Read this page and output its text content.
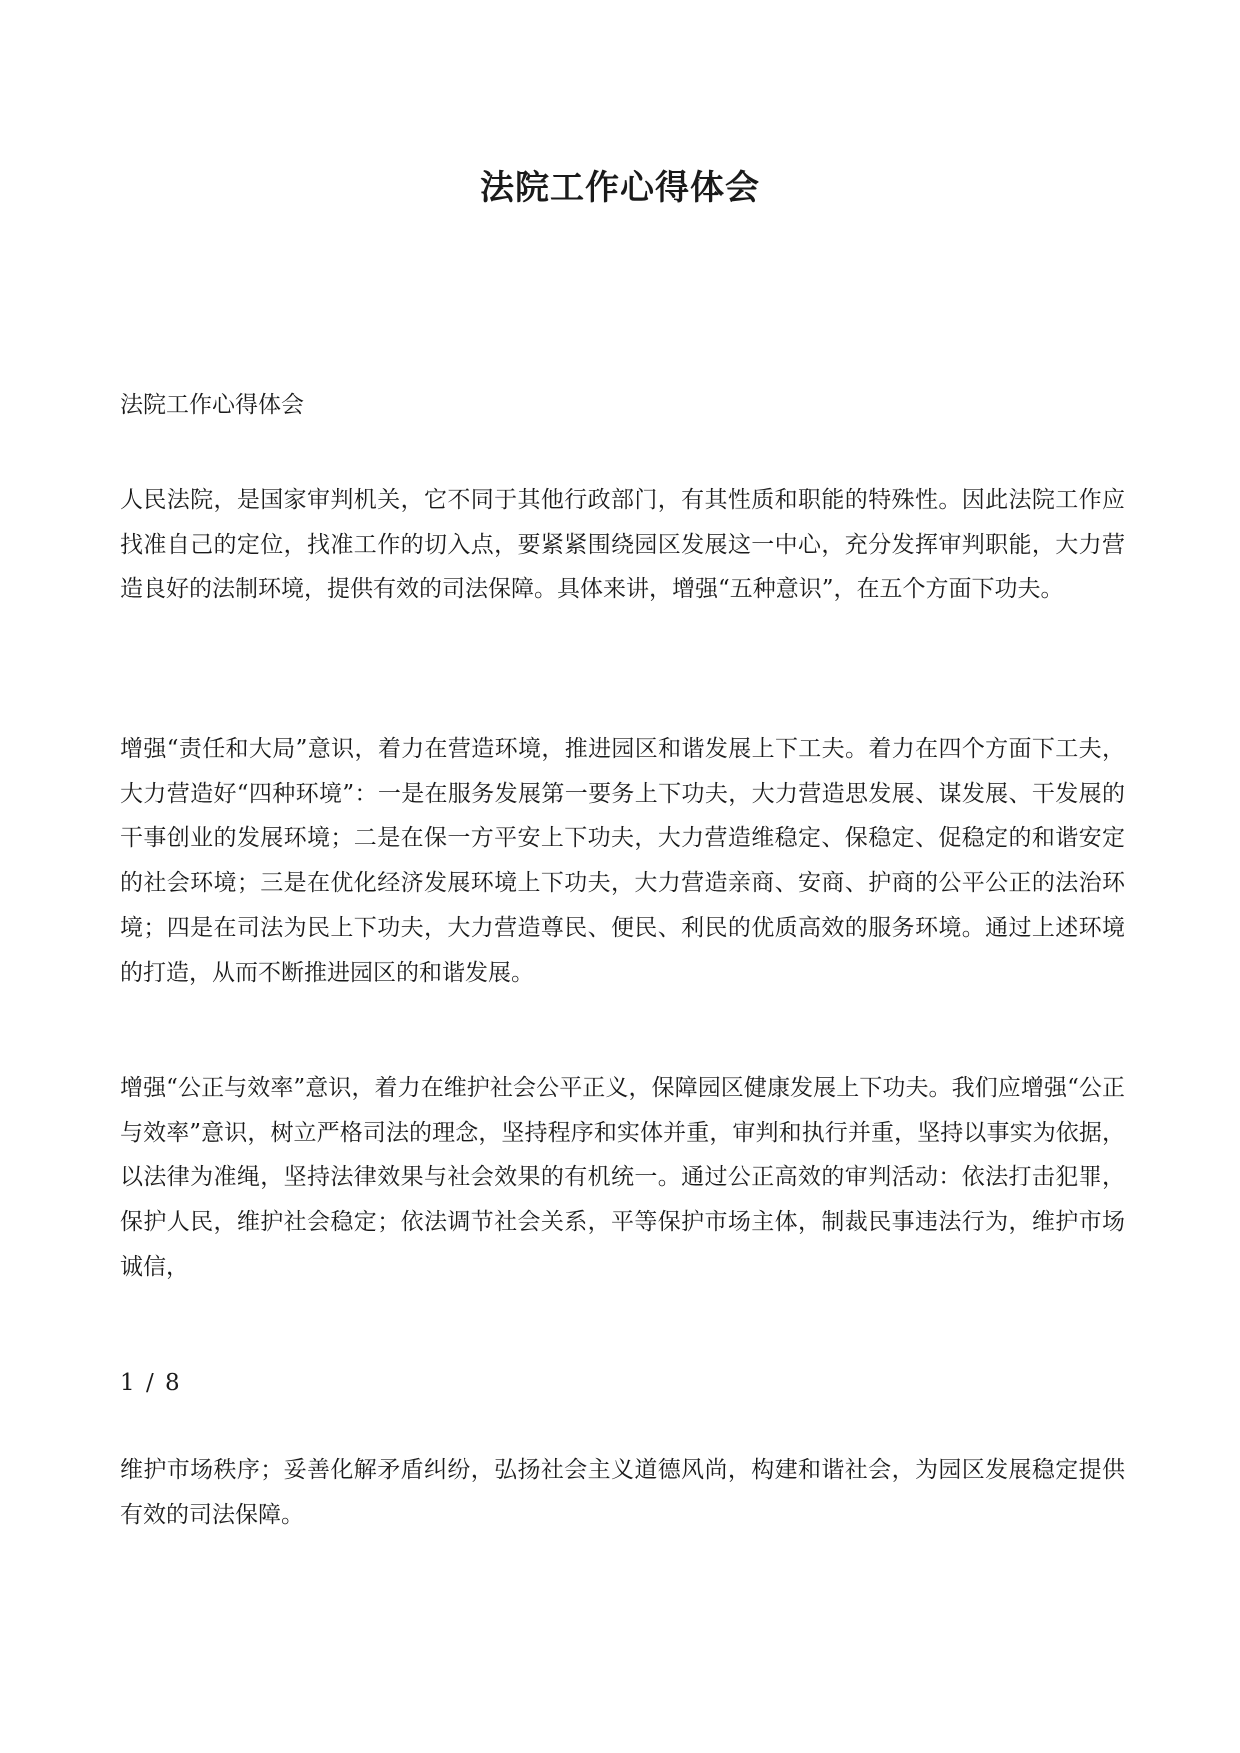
法院工作心得体会

法院工作心得体会

人民法院，是国家审判机关，它不同于其他行政部门，有其性质和职能的特殊性。因此法院工作应找准自己的定位，找准工作的切入点，要紧紧围绕园区发展这一中心，充分发挥审判职能，大力营造良好的法制环境，提供有效的司法保障。具体来讲，增强“五种意识”，在五个方面下功夫。

增强“责任和大局”意识，着力在营造环境，推进园区和谐发展上下工夫。着力在四个方面下工夫，大力营造好“四种环境”：一是在服务发展第一要务上下功夫，大力营造思发展、谋发展、干发展的干事创业的发展环境；二是在保一方平安上下功夫，大力营造维稳定、保稳定、促稳定的和谐安定的社会环境；三是在优化经济发展环境上下功夫，大力营造亲商、安商、护商的公平公正的法治环境；四是在司法为民上下功夫，大力营造尊民、便民、利民的优质高效的服务环境。通过上述环境的打造，从而不断推进园区的和谐发展。

增强“公正与效率”意识，着力在维护社会公平正义，保障园区健康发展上下功夫。我们应增强“公正与效率”意识，树立严格司法的理念，坚持程序和实体并重，审判和执行并重，坚持以事实为依据，以法律为准绳，坚持法律效果与社会效果的有机统一。通过公正高效的审判活动：依法打击犯罪，保护人民，维护社会稳定；依法调节社会关系，平等保护市场主体，制裁民事违法行为，维护市场诚信，

1 / 8

维护市场秩序；妥善化解矛盾纠纷，弘扬社会主义道德风尚，构建和谐社会，为园区发展稳定提供有效的司法保障。
